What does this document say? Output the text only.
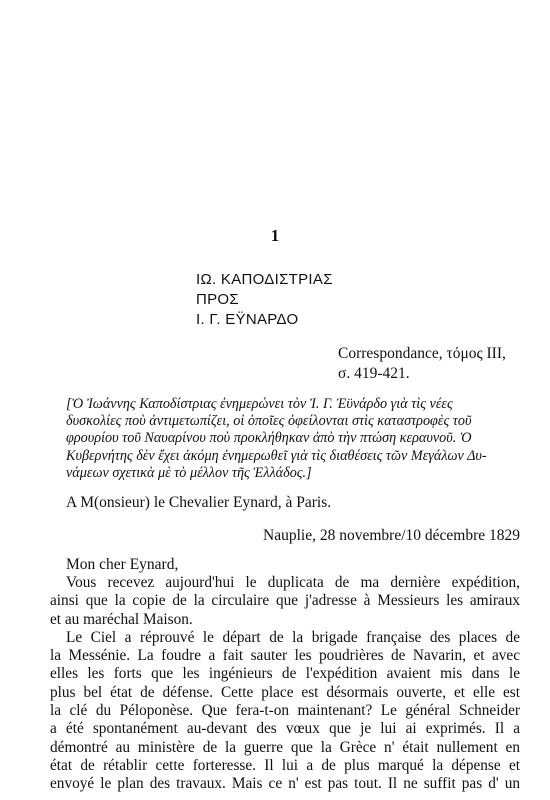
1
ΙΩ. ΚΑΠΟΔΙΣΤΡΙΑΣ
ΠΡΟΣ
Ι. Γ. ΕΫΝΑΡΔΟ
Correspondance, τόμος III,
σ. 419-421.
[Ὁ Ἰωάννης Καποδίστριας ἐνημερώνει τὸν Ἰ. Γ. Ἐϋνάρδο γιὰ τὶς νέες
δυσκολίες ποὺ ἀντιμετωπίζει, οἱ ὁποῖες ὀφείλονται στὶς καταστροφὲς τοῦ
φρουρίου τοῦ Ναυαρίνου ποὺ προκλήθηκαν ἀπὸ τὴν πτώση κεραυνοῦ. Ὁ
Κυβερνήτης δὲν ἔχει ἀκόμη ἐνημερωθεῖ γιὰ τὶς διαθέσεις τῶν Μεγάλων Δυ-
νάμεων σχετικὰ μὲ τὸ μέλλον τῆς Ἑλλάδος.]
A M(onsieur) le Chevalier Eynard, à Paris.
Nauplie, 28 novembre/10 décembre 1829
Mon cher Eynard,
Vous recevez aujourd'hui le duplicata de ma dernière expédition,
ainsi que la copie de la circulaire que j'adresse à Messieurs les amiraux
et au maréchal Maison.
Le Ciel a réprouvé le départ de la brigade française des places de
la Messénie. La foudre a fait sauter les poudrières de Navarin, et avec
elles les forts que les ingénieurs de l'expédition avaient mis dans le
plus bel état de défense. Cette place est désormais ouverte, et elle est
la clé du Péloponèse. Que fera-t-on maintenant? Le général Schneider
a été spontanément au-devant des vœux que je lui ai exprimés. Il a
démontré au ministère de la guerre que la Grèce n' était nullement en
état de rétablir cette forteresse. Il lui a de plus marqué la dépense et
envoyé le plan des travaux. Mais ce n' est pas tout. Il ne suffit pas d' un
